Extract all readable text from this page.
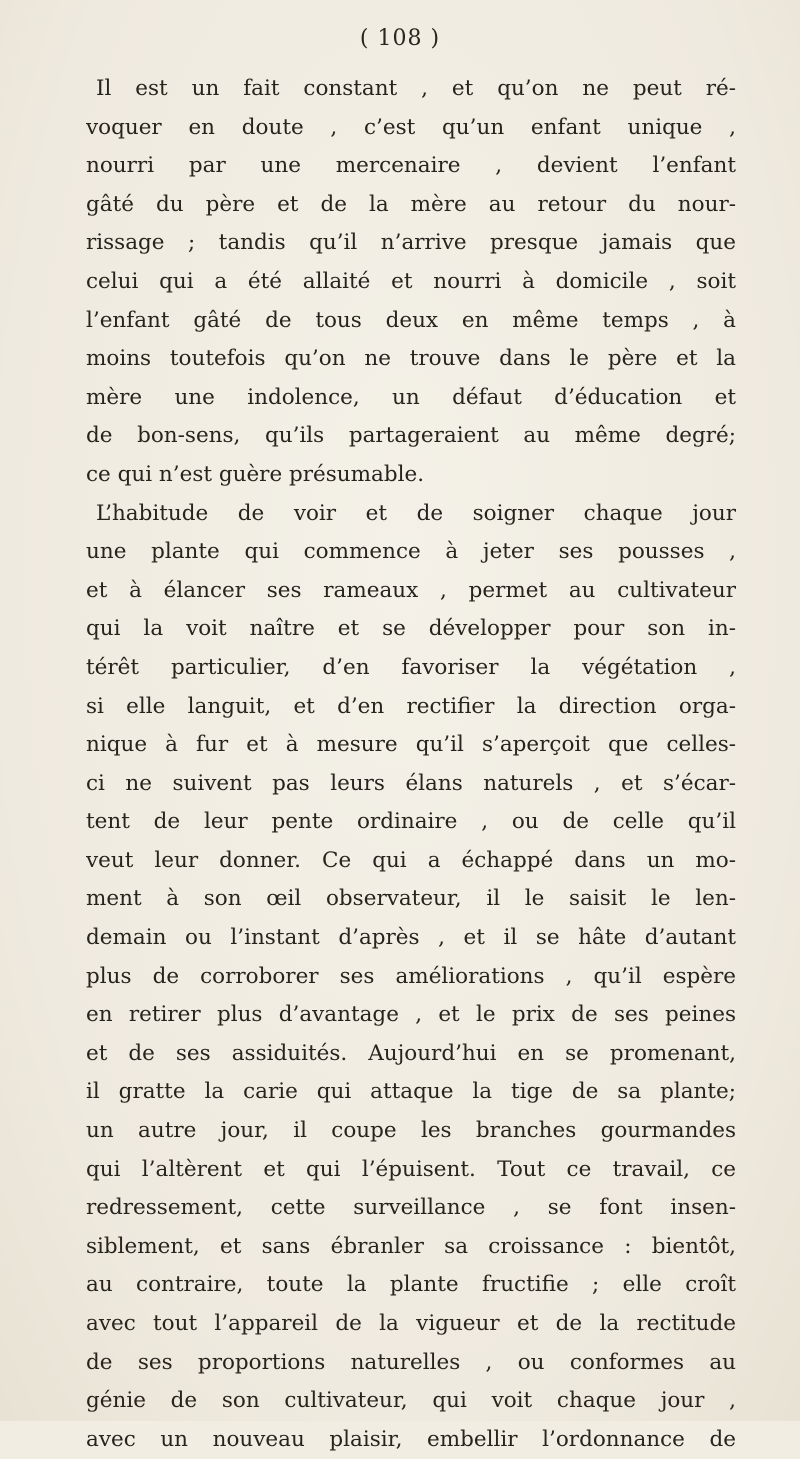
( 108 )
Il est un fait constant , et qu’on ne peut ré-
voquer en doute , c’est qu’un enfant unique ,
nourri par une mercenaire , devient l’enfant
gâté du père et de la mère au retour du nour-
rissage ; tandis qu’il n’arrive presque jamais que
celui qui a été allaité et nourri à domicile , soit
l’enfant gâté de tous deux en même temps , à
moins toutefois qu’on ne trouve dans le père et la
mère une indolence, un défaut d’éducation et
de bon-sens, qu’ils partageraient au même degré;
ce qui n’est guère présumable.
L’habitude de voir et de soigner chaque jour
une plante qui commence à jeter ses pousses ,
et à élancer ses rameaux , permet au cultivateur
qui la voit naître et se développer pour son in-
térêt particulier, d’en favoriser la végétation ,
si elle languit, et d’en rectifier la direction orga-
nique à fur et à mesure qu’il s’aperçoit que celles-
ci ne suivent pas leurs élans naturels , et s’écar-
tent de leur pente ordinaire , ou de celle qu’il
veut leur donner. Ce qui a échappé dans un mo-
ment à son œil observateur, il le saisit le len-
demain ou l’instant d’après , et il se hâte d’autant
plus de corroborer ses améliorations , qu’il espère
en retirer plus d’avantage , et le prix de ses peines
et de ses assiduités. Aujourd’hui en se promenant,
il gratte la carie qui attaque la tige de sa plante;
un autre jour, il coupe les branches gourmandes
qui l’altèrent et qui l’épuisent. Tout ce travail, ce
redressement, cette surveillance , se font insen-
siblement, et sans ébranler sa croissance : bientôt,
au contraire, toute la plante fructifie ; elle croît
avec tout l’appareil de la vigueur et de la rectitude
de ses proportions naturelles , ou conformes au
génie de son cultivateur, qui voit chaque jour ,
avec un nouveau plaisir, embellir l’ordonnance de
